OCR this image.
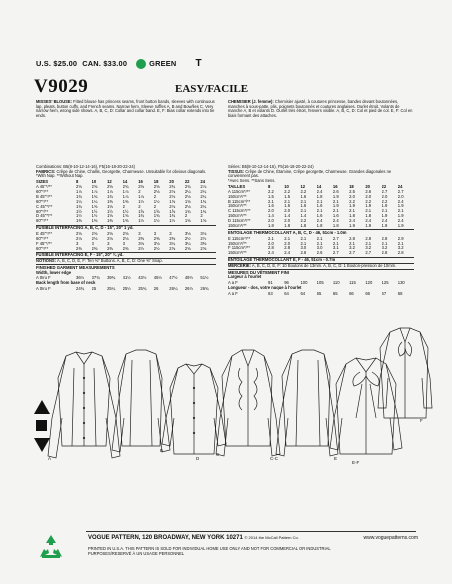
U.S. $25.00 CAN. $33.00	GREEN T
V9029	EASY/FACILE
MISSES' BLOUSE: Fitted blouse has princess seams, front button bands, sleeves with continuous lap, pleats, button cuffs, and French seams. Narrow hem. Sleeve ruffles A, B and Bow/lies C. Very narrow hem, wrong side shows. A, B, C, D: Collar and collar band. E, F: Bias collar extends into tie ends.
Combinations: B5(8-10-12-14-16), F5(16-18-20-22-24)
FABRICS: Crêpe de Chine, Challis, Georgette, Charmeuse. Unsuitable for obvious diagonals.
*With Nap. **Without Nap.
SIZES	8	10	12	14	16	18	20	22	24
A 45"*/**	2⅝	2⅝	2⅝	2¾	2⅝	2⅝	2¾	2¾	2⅞
60"*/**	1⅞	1⅞	1⅞	1⅞	2	2⅛	2⅛	2¼	2¼
B 45"*/**	1¾	1¾	1¾	1⅞	1⅞	2	2⅛	2⅛	2¼
60"*/**	1¼	1¼	1⅜	1⅜	1½	1½	1⅝	1⅝	1¾
C 45"*/**	1¾	1⅝	1⅝	2	2	2	2⅛	2⅛	2¼
60"*/**	1½	1½	1½	1½	1⅝	1⅝	1⅝	1¾	1¾
D 45"*/**	1½	1½	1⅝	1⅝	1¾	1¾	1¾	2	2
60"*/**	1⅜	1⅜	1⅜	1⅜	1½	1½	1½	1⅝	1⅝
FUSIBLE INTERFACING A, B, C, D - 15", 20" 1 yd.
E 45"*/**	2⅝	2⅝	2⅝	2⅝	3	3	3	3⅛	3⅛
60"*/**	2⅛	2⅛	2⅛	2⅛	2⅜	2⅜	2⅜	2½	2½
F 45"*/**	3	3	3	3	3⅛	3⅛	3¼	3¼	3⅜
60"*/**	2⅜	2⅜	2⅜	2⅜	2½	2½	2⅝	2⅝	2⅝
FUSIBLE INTERFACING E, F - 15", 20" ¾ yd.
NOTIONS: A, B, C, D, E, F: Ten ⅜" Buttons. A, B, C, D: One ⅜" Snap.
FINISHED GARMENT MEASUREMENTS
Width, lower edge
A thru F	36½	37¾	39¾	41½	43½	45½	47½	49½	51½
Back length from base of neck
A thru F	24¾	25	25¼	25½	25¾	26	26¼	26½	26¾
CHEMISIER (J. femme): Chemisier ajusté, à coutures princesse, bandes devant boutonnées, manches à sous-patte, plis, poignets boutonnés et coutures anglaises. Ourlet étroit. Volants de manche A, B et volants D. Ourlet très étroit, l'envers visible. A, B, C, D: Col et pied de col. E, F: Col en biais formant des attaches.
Séries: B5(8-10-12-14-16), F5(16-18-20-22-24)
TISSUS: Crêpe de Chine, Étamine, Crêpe georgette, Charmeuse. Grandes diagonales ne conviennent pas.
*Avec Sens. **Sans Sens.
TAILLES	8	10	12	14	16	18	20	22	24
A 115cm*/**	2.2	2.2	2.2	2.4	2.6	2.5	2.6	2.7	2.7
150cm*/**	1.5	1.5	1.6	1.8	1.9	2.0	2.0	2.0	2.0
B 115cm*/**	2.1	2.1	2.1	2.1	2.1	2.2	2.2	2.2	2.4
150cm*/**	1.6	1.6	1.6	1.6	1.9	1.9	1.9	1.9	1.9
C 115cm*/**	2.0	2.0	2.1	2.1	2.1	2.1	2.1	2.1	2.1
150cm*/**	1.4	1.4	1.4	1.6	1.6	1.8	1.8	1.9	1.9
D 115cm*/**	2.0	2.0	2.2	2.4	2.4	2.4	2.4	2.4	2.4
150cm*/**	1.8	1.8	1.8	1.8	1.8	1.9	1.9	1.9	1.9
ENTOILAGE THERMOCOLLANT A, B, C, D - 46, 51cm - 1.0m
E 115cm*/**	2.1	2.1	2.1	2.1	2.7	2.8	2.8	2.8	2.9
150cm*/**	2.0	2.0	2.1	2.1	2.1	2.1	2.1	2.1	2.1
F 115cm*/**	2.8	2.8	3.0	3.0	3.1	3.2	3.2	3.2	3.2
150cm*/**	2.4	2.4	2.6	2.6	2.7	2.7	2.7	2.8	2.8
ENTOILAGE THERMOCOLLANT E, F - 46, 51cm - 0.7m
MERCERIE: A, B, C, D, E, F: 10 Boutons de 13mm. A, B, C, D: 1 Bouton-pression de 10mm.
MESURES DU VÊTEMENT FINI
Largeur à l'ourlet
A à F	91	96	100	105	110	115	120	125	130
Longueur - dos, votre nuque à l'ourlet
A à F	63	64	64	65	65	66	66	67	68
A
B
C
C-C
D	E
E-F
F
VOGUE PATTERN, 120 BROADWAY, NEW YORK 10271 © 2014 the McCall Pattern Co.	www.voguepatterns.com
PRINTED IN U.S.A. THIS PATTERN IS SOLD FOR INDIVIDUAL HOME USE ONLY AND NOT FOR COMMERCIAL OR INDUSTRIAL
PURPOSES/RESERVÉ À UN USAGE PERSONNEL
